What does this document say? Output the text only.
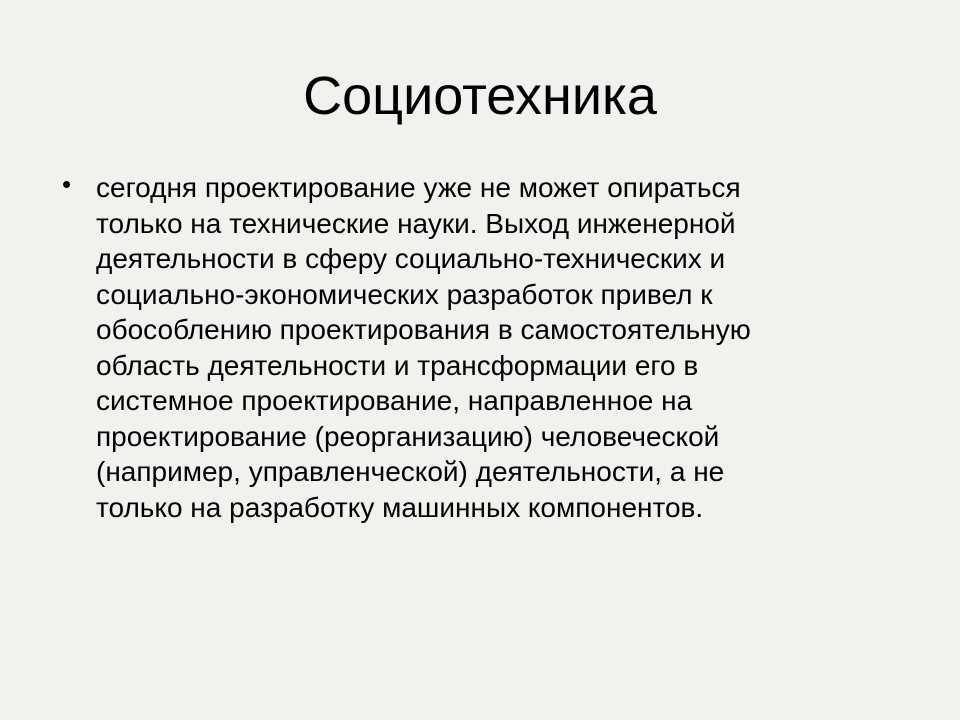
Социотехника
• сегодня проектирование уже не может опираться
только на технические науки. Выход инженерной
деятельности в сферу социально-технических и
социально-экономических разработок привел к
обособлению проектирования в самостоятельную
область деятельности и трансформации его в
системное проектирование, направленное на
проектирование (реорганизацию) человеческой
(например, управленческой) деятельности, а не
только на разработку машинных компонентов.
